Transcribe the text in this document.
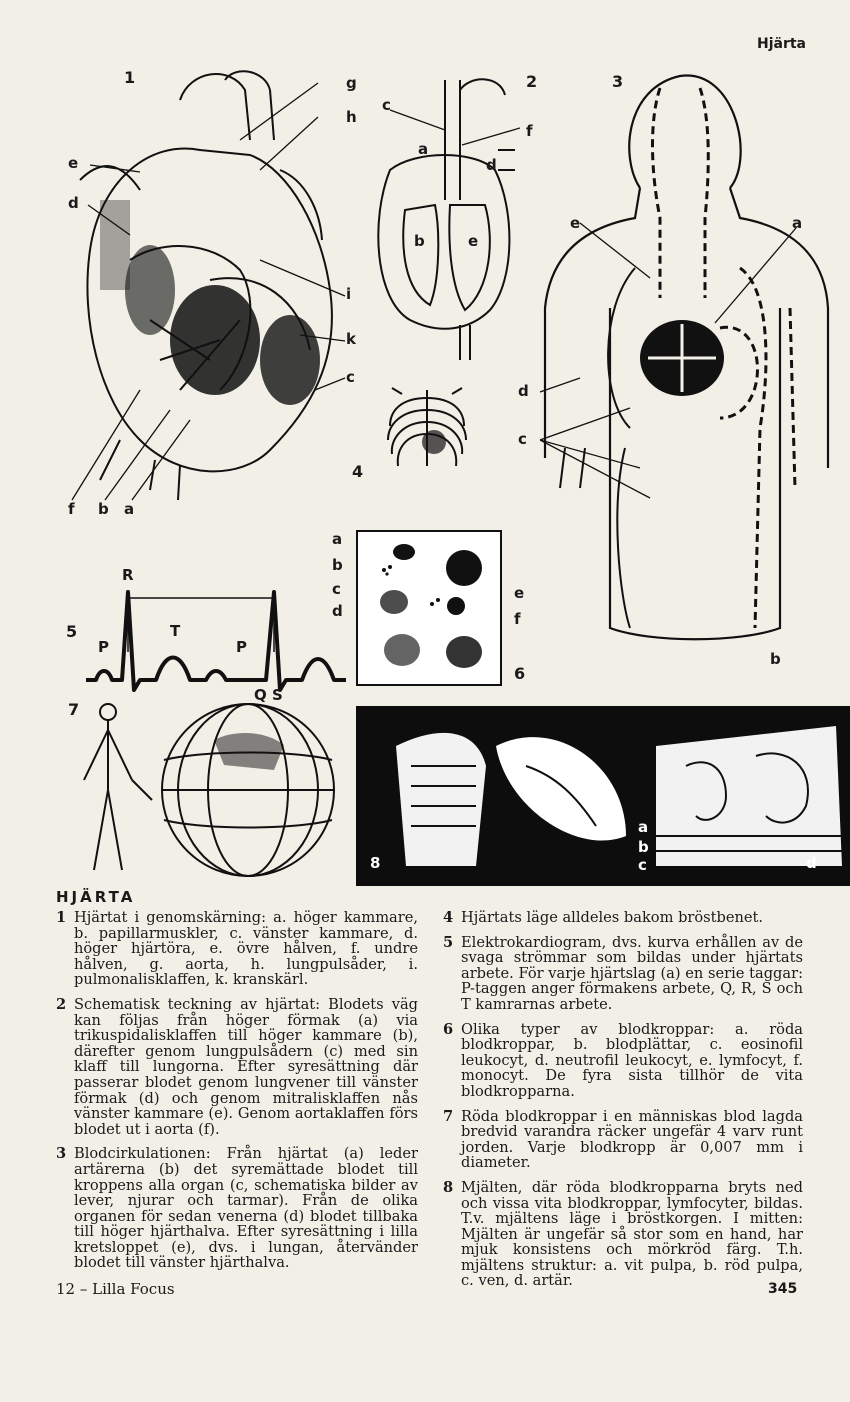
Hjärta
1	g
h
e
d
i
k
c
f b a
2
c
f
a
d
b	e
3
e	a
d
c
b
4
5
R
P
T
P
Q S
6
a
b
c
d
e
f
7
8
a
b
c	d
HJÄRTA
1 Hjärtat i genomskärning: a. höger kammare, b. papillarmuskler, c. vänster kammare, d. höger hjärtöra, e. övre hålven, f. undre hålven, g. aorta, h. lungpulsåder, i. pulmonalisklaffen, k. kranskärl.
2 Schematisk teckning av hjärtat: Blodets väg kan följas från höger förmak (a) via trikuspidalisklaffen till höger kammare (b), därefter genom lungpulsådern (c) med sin klaff till lungorna. Efter syresättning där passerar blodet genom lungvener till vänster förmak (d) och genom mitralisklaffen nås vänster kammare (e). Genom aortaklaffen förs blodet ut i aorta (f).
3 Blodcirkulationen: Från hjärtat (a) leder artärerna (b) det syremättade blodet till kroppens alla organ (c, schematiska bilder av lever, njurar och tarmar). Från de olika organen för sedan venerna (d) blodet tillbaka till höger hjärthalva. Efter syresättning i lilla kretsloppet (e), dvs. i lungan, återvänder blodet till vänster hjärthalva.
4 Hjärtats läge alldeles bakom bröstbenet.
5 Elektrokardiogram, dvs. kurva erhållen av de svaga strömmar som bildas under hjärtats arbete. För varje hjärtslag (a) en serie taggar: P-taggen anger förmakens arbete, Q, R, S och T kamrarnas arbete.
6 Olika typer av blodkroppar: a. röda blodkroppar, b. blodplättar, c. eosinofil leukocyt, d. neutrofil leukocyt, e. lymfocyt, f. monocyt. De fyra sista tillhör de vita blodkropparna.
7 Röda blodkroppar i en människas blod lagda bredvid varandra räcker ungefär 4 varv runt jorden. Varje blodkropp är 0,007 mm i diameter.
8 Mjälten, där röda blodkropparna bryts ned och vissa vita blodkroppar, lymfocyter, bildas. T.v. mjältens läge i bröstkorgen. I mitten: Mjälten är ungefär så stor som en hand, har mjuk konsistens och mörkröd färg. T.h. mjältens struktur: a. vit pulpa, b. röd pulpa, c. ven, d. artär.
12 – Lilla Focus	345
